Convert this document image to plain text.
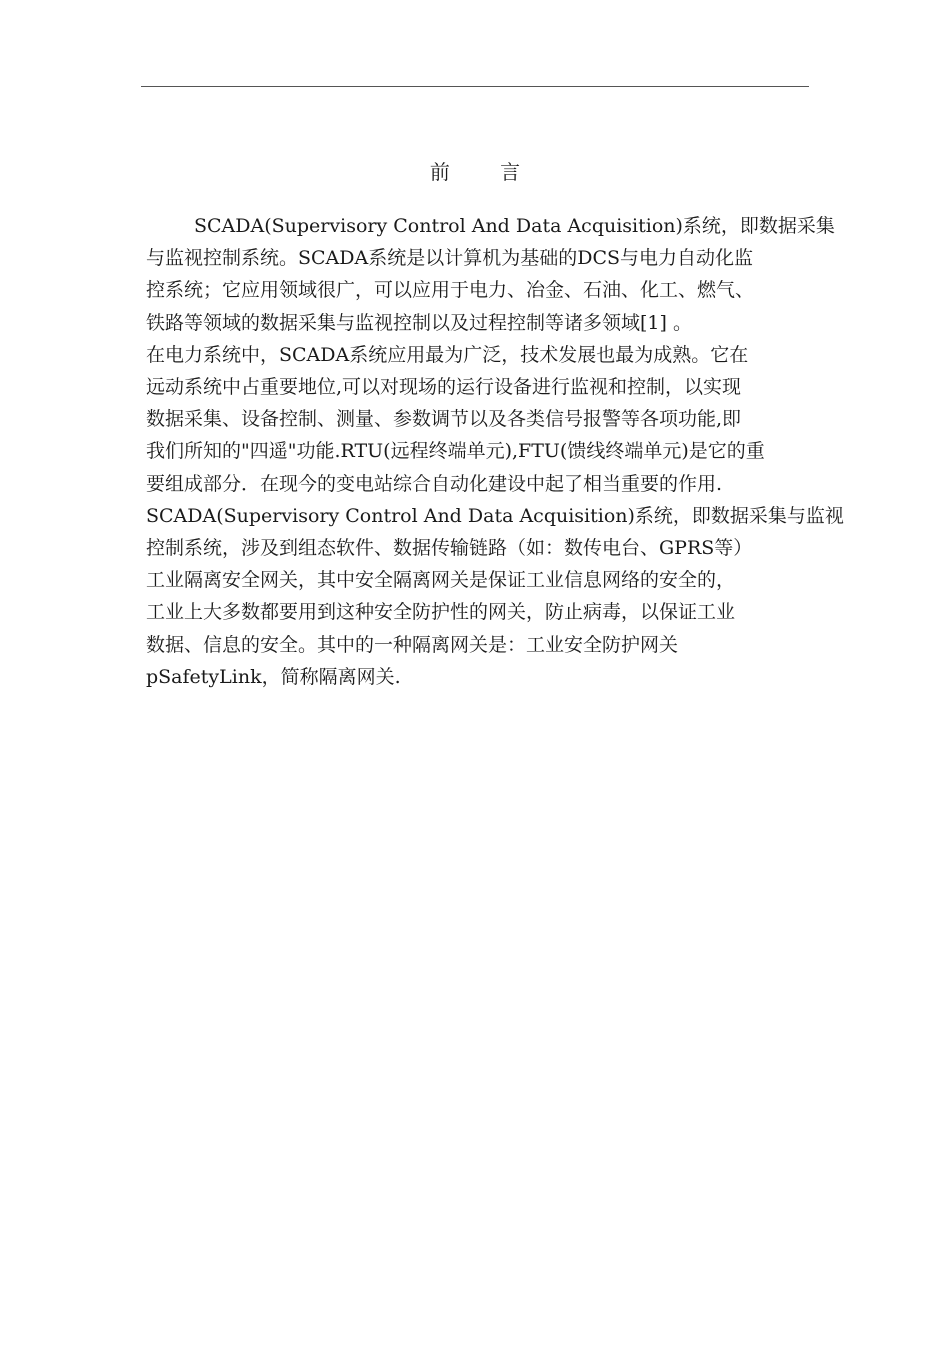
前 言

SCADA(Supervisory Control And Data Acquisition)系统，即数据采集
与监视控制系统。SCADA系统是以计算机为基础的DCS与电力自动化监
控系统；它应用领域很广，可以应用于电力、冶金、石油、化工、燃气、
铁路等领域的数据采集与监视控制以及过程控制等诸多领域[1] 。
在电力系统中，SCADA系统应用最为广泛，技术发展也最为成熟。它在
远动系统中占重要地位,可以对现场的运行设备进行监视和控制，以实现
数据采集、设备控制、测量、参数调节以及各类信号报警等各项功能,即
我们所知的"四遥"功能.RTU(远程终端单元),FTU(馈线终端单元)是它的重
要组成部分．在现今的变电站综合自动化建设中起了相当重要的作用.
SCADA(Supervisory Control And Data Acquisition)系统，即数据采集与监视
控制系统，涉及到组态软件、数据传输链路（如：数传电台、GPRS等）
工业隔离安全网关，其中安全隔离网关是保证工业信息网络的安全的，
工业上大多数都要用到这种安全防护性的网关，防止病毒，以保证工业
数据、信息的安全。其中的一种隔离网关是：工业安全防护网关
pSafetyLink，简称隔离网关.
